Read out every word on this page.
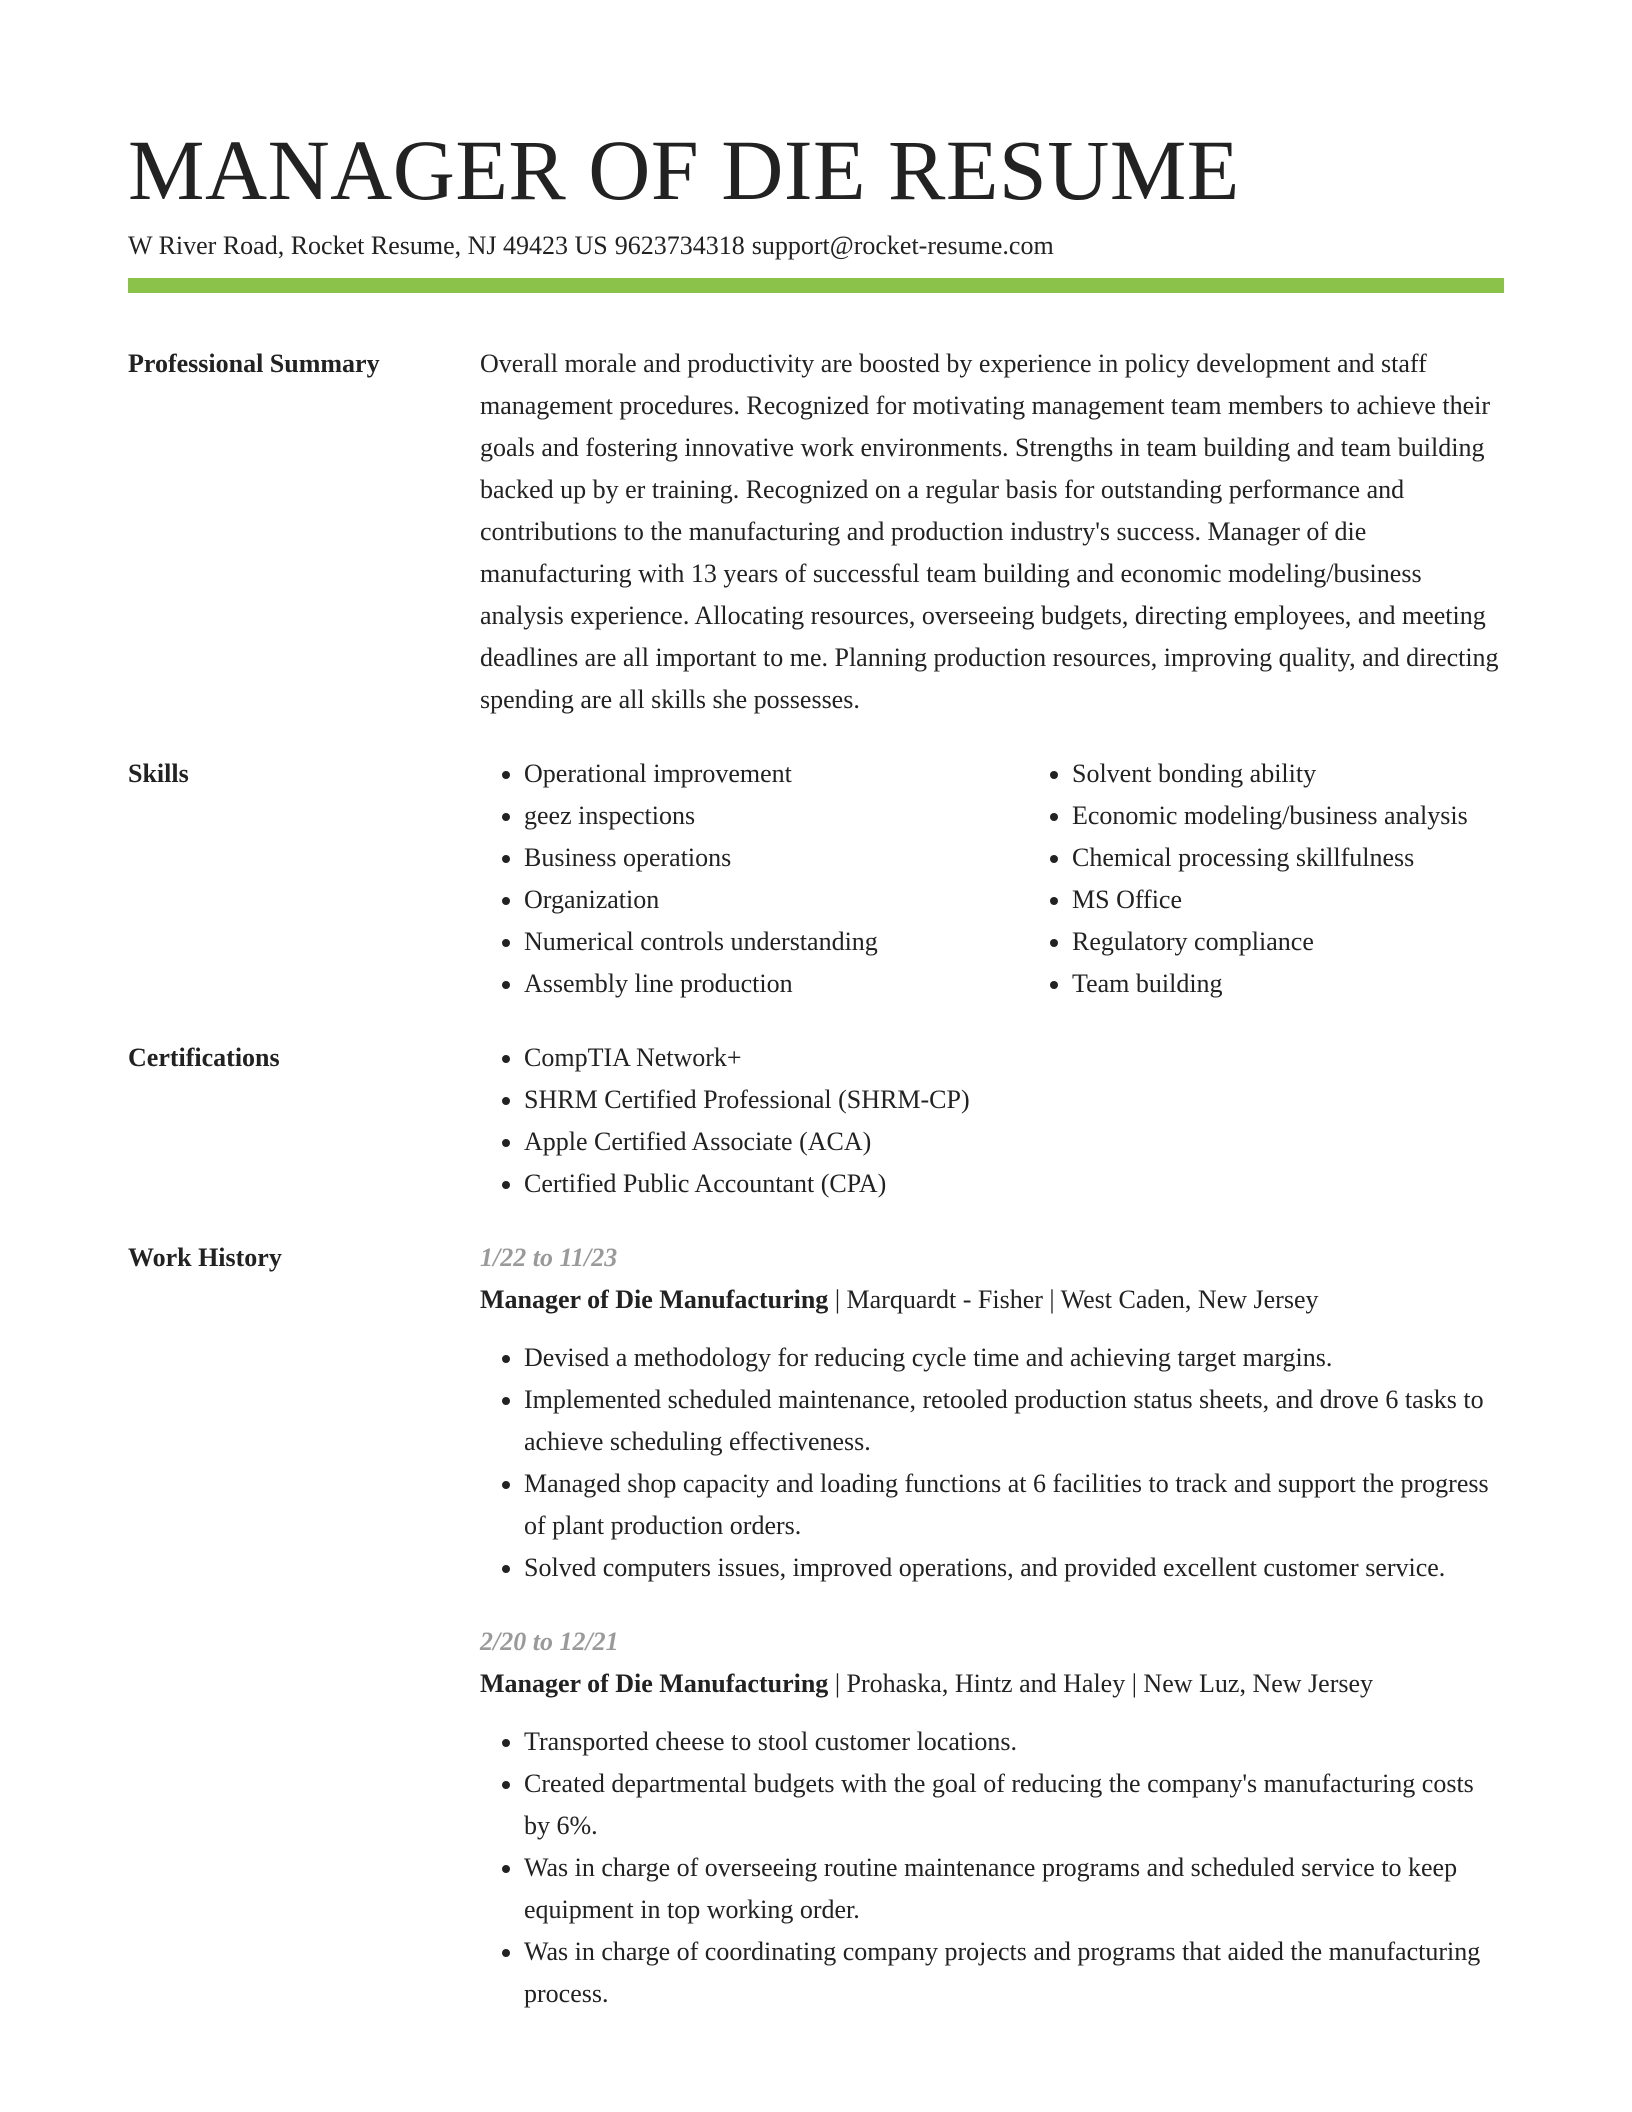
MANAGER OF DIE RESUME
W River Road, Rocket Resume, NJ 49423 US 9623734318 support@rocket-resume.com
Professional Summary	Overall morale and productivity are boosted by experience in policy development and staff management procedures. Recognized for motivating management team members to achieve their goals and fostering innovative work environments. Strengths in team building and team building backed up by er training. Recognized on a regular basis for outstanding performance and contributions to the manufacturing and production industry's success. Manager of die manufacturing with 13 years of successful team building and economic modeling/business analysis experience. Allocating resources, overseeing budgets, directing employees, and meeting deadlines are all important to me. Planning production resources, improving quality, and directing spending are all skills she possesses.
Skills	• Operational improvement
• geez inspections
• Business operations
• Organization
• Numerical controls understanding
• Assembly line production
• Solvent bonding ability
• Economic modeling/business analysis
• Chemical processing skillfulness
• MS Office
• Regulatory compliance
• Team building
Certifications	• CompTIA Network+
• SHRM Certified Professional (SHRM-CP)
• Apple Certified Associate (ACA)
• Certified Public Accountant (CPA)
Work History	1/22 to 11/23
Manager of Die Manufacturing | Marquardt - Fisher | West Caden, New Jersey
• Devised a methodology for reducing cycle time and achieving target margins.
• Implemented scheduled maintenance, retooled production status sheets, and drove 6 tasks to achieve scheduling effectiveness.
• Managed shop capacity and loading functions at 6 facilities to track and support the progress of plant production orders.
• Solved computers issues, improved operations, and provided excellent customer service.
2/20 to 12/21
Manager of Die Manufacturing | Prohaska, Hintz and Haley | New Luz, New Jersey
• Transported cheese to stool customer locations.
• Created departmental budgets with the goal of reducing the company's manufacturing costs by 6%.
• Was in charge of overseeing routine maintenance programs and scheduled service to keep equipment in top working order.
• Was in charge of coordinating company projects and programs that aided the manufacturing process.
